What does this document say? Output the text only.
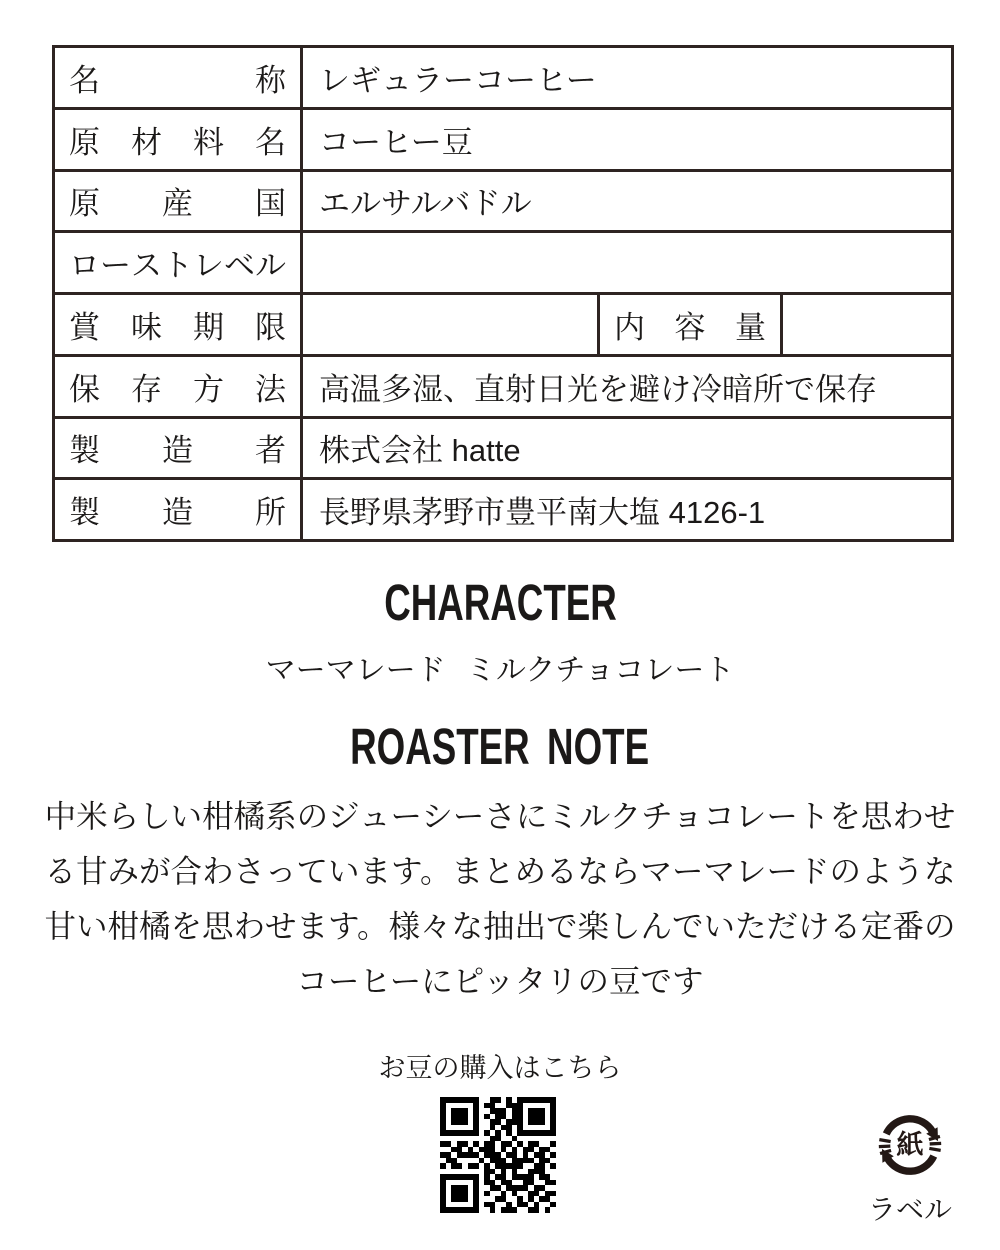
名 称	レギュラーコーヒー		

原 材 料 名	コーヒー豆		

原 産 国	エルサルバドル		

ロ ー ス ト レ ベ ル

賞 味 期 限		内 容 量	

保 存 方 法	高温多湿、直射日光を避け冷暗所で保存		

製 造 者	株式会社 hatte		

製 造 所	長野県茅野市豊平南大塩 4126-1		
CHARACTER
マーマレード ミルクチョコレート
ROASTER NOTE
中米らしい柑橘系のジューシーさにミルクチョコレートを思わせ
る甘みが合わさっています。まとめるならマーマレードのような
甘い柑橘を思わせます。様々な抽出で楽しんでいただける定番の
コーヒーにピッタリの豆です
お豆の購入はこちら
紙
ラベル
